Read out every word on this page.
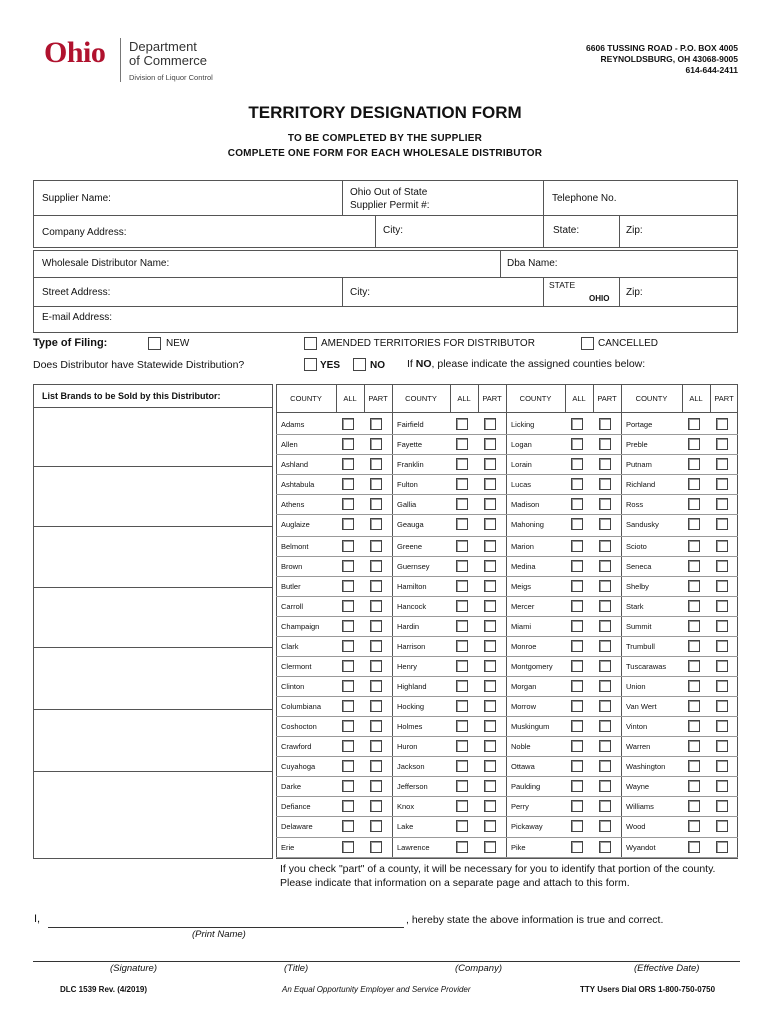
Ohio Department
of Commerce
Division of Liquor Control
6606 TUSSING ROAD - P.O. BOX 4005
REYNOLDSBURG, OH 43068-9005
614-644-2411
TERRITORY DESIGNATION FORM
TO BE COMPLETED BY THE SUPPLIER
COMPLETE ONE FORM FOR EACH WHOLESALE DISTRIBUTOR
Supplier Name:
Ohio Out of State
Supplier Permit #:
Telephone No.
Company Address:	City:	State:	Zip:
Wholesale Distributor Name:	Dba Name:
Street Address:	City:
STATE
OHIO
Zip:
E-mail Address:
Type of Filing:	NEW	AMENDED TERRITORIES FOR DISTRIBUTOR	CANCELLED
Does Distributor have Statewide Distribution?	YES	NO If NO, please indicate the assigned counties below:
List Brands to be Sold by this Distributor:	COUNTY	ALL	PART	COUNTY	ALL	PART	COUNTY	ALL	PART	COUNTY	ALL	PART
Adams	Fairfield	Licking	Portage
Allen	Fayette	Logan	Preble
Ashland	Franklin	Lorain	Putnam
Ashtabula	Fulton	Lucas	Richland
Athens	Gallia	Madison	Ross
Auglaize	Geauga	Mahoning	Sandusky
Belmont	Greene	Marion	Scioto
Brown	Guernsey	Medina	Seneca
Butler	Hamilton	Meigs	Shelby
Carroll	Hancock	Mercer	Stark
Champaign	Hardin	Miami	Summit
Clark	Harrison	Monroe	Trumbull
Clermont	Henry	Montgomery	Tuscarawas
Clinton	Highland	Morgan	Union
Columbiana	Hocking	Morrow	Van Wert
Coshocton	Holmes	Muskingum	Vinton
Crawford	Huron	Noble	Warren
Cuyahoga	Jackson	Ottawa	Washington
Darke	Jefferson	Paulding	Wayne
Defiance	Knox	Perry	Williams
Delaware	Lake	Pickaway	Wood
Erie	Lawrence	Pike	Wyandot
If you check "part" of a county, it will be necessary for you to identify that portion of the county. Please indicate that information on a separate page and attach to this form.
I,	, hereby state the above information is true and correct.
(Print Name)
(Signature)	(Title)	(Company)	(Effective Date)
DLC 1539 Rev. (4/2019)	An Equal Opportunity Employer and Service Provider	TTY Users Dial ORS 1-800-750-0750
